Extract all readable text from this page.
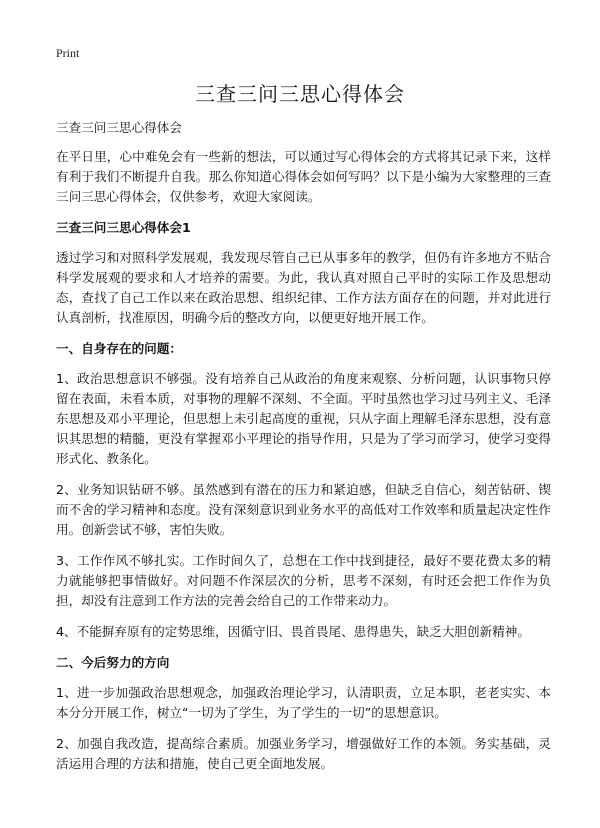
Print
三查三问三思心得体会

三查三问三思心得体会

在平日里，心中难免会有一些新的想法，可以通过写心得体会的方式将其记录下来，这样有利于我们不断提升自我。那么你知道心得体会如何写吗？以下是小编为大家整理的三查三问三思心得体会，仅供参考，欢迎大家阅读。

三查三问三思心得体会1

透过学习和对照科学发展观，我发现尽管自己已从事多年的教学，但仍有许多地方不贴合科学发展观的要求和人才培养的需要。为此，我认真对照自己平时的实际工作及思想动态，查找了自己工作以来在政治思想、组织纪律、工作方法方面存在的问题，并对此进行认真剖析，找准原因，明确今后的整改方向，以便更好地开展工作。

一、自身存在的问题：

1、政治思想意识不够强。没有培养自己从政治的角度来观察、分析问题，认识事物只停留在表面，未看本质，对事物的理解不深刻、不全面。平时虽然也学习过马列主义、毛泽东思想及邓小平理论，但思想上未引起高度的重视，只从字面上理解毛泽东思想，没有意识其思想的精髓，更没有掌握邓小平理论的指导作用，只是为了学习而学习，使学习变得形式化、教条化。

2、业务知识钻研不够。虽然感到有潜在的压力和紧迫感，但缺乏自信心，刻苦钻研、锲而不舍的学习精神和态度。没有深刻意识到业务水平的高低对工作效率和质量起决定性作用。创新尝试不够，害怕失败。

3、工作作风不够扎实。工作时间久了，总想在工作中找到捷径，最好不要花费太多的精力就能够把事情做好。对问题不作深层次的分析，思考不深刻，有时还会把工作作为负担，却没有注意到工作方法的完善会给自己的工作带来动力。

4、不能摒弃原有的定势思维，因循守旧、畏首畏尾、患得患失，缺乏大胆创新精神。

二、今后努力的方向

1、进一步加强政治思想观念，加强政治理论学习，认清职责，立足本职，老老实实、本本分分开展工作，树立“一切为了学生，为了学生的一切”的思想意识。

2、加强自我改造，提高综合素质。加强业务学习，增强做好工作的本领。务实基础，灵活运用合理的方法和措施，使自己更全面地发展。
